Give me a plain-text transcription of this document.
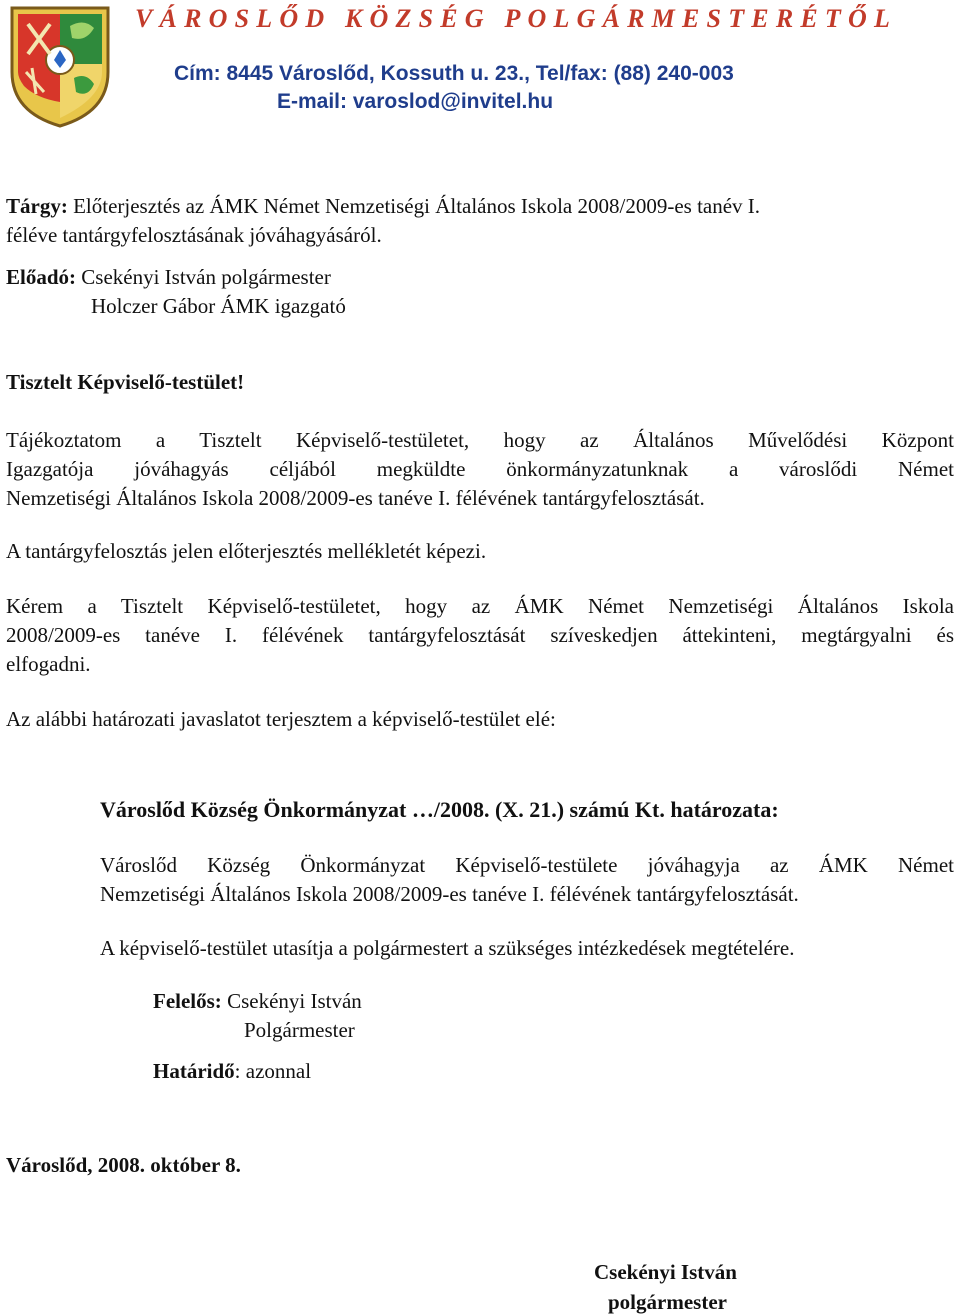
VÁROSLŐD KÖZSÉG POLGÁRMESTERÉTŐL
Cím: 8445 Városlőd, Kossuth u. 23., Tel/fax: (88) 240-003
E-mail: varoslod@invitel.hu
Tárgy: Előterjesztés az ÁMK Német Nemzetiségi Általános Iskola 2008/2009-es tanév I.
féléve tantárgyfelosztásának jóváhagyásáról.
Előadó: Csekényi István polgármester
Holczer Gábor ÁMK igazgató
Tisztelt Képviselő-testület!
Tájékoztatom a Tisztelt Képviselő-testületet, hogy az Általános Művelődési Központ
Igazgatója jóváhagyás céljából megküldte önkormányzatunknak a városlődi Német
Nemzetiségi Általános Iskola 2008/2009-es tanéve I. félévének tantárgyfelosztását.
A tantárgyfelosztás jelen előterjesztés mellékletét képezi.
Kérem a Tisztelt Képviselő-testületet, hogy az ÁMK Német Nemzetiségi Általános Iskola
2008/2009-es tanéve I. félévének tantárgyfelosztását szíveskedjen áttekinteni, megtárgyalni és
elfogadni.
Az alábbi határozati javaslatot terjesztem a képviselő-testület elé:
Városlőd Község Önkormányzat …/2008. (X. 21.) számú Kt. határozata:
Városlőd Község Önkormányzat Képviselő-testülete jóváhagyja az ÁMK Német
Nemzetiségi Általános Iskola 2008/2009-es tanéve I. félévének tantárgyfelosztását.
A képviselő-testület utasítja a polgármestert a szükséges intézkedések megtételére.
Felelős: Csekényi István
Polgármester
Határidő: azonnal
Városlőd, 2008. október 8.
Csekényi István
polgármester
